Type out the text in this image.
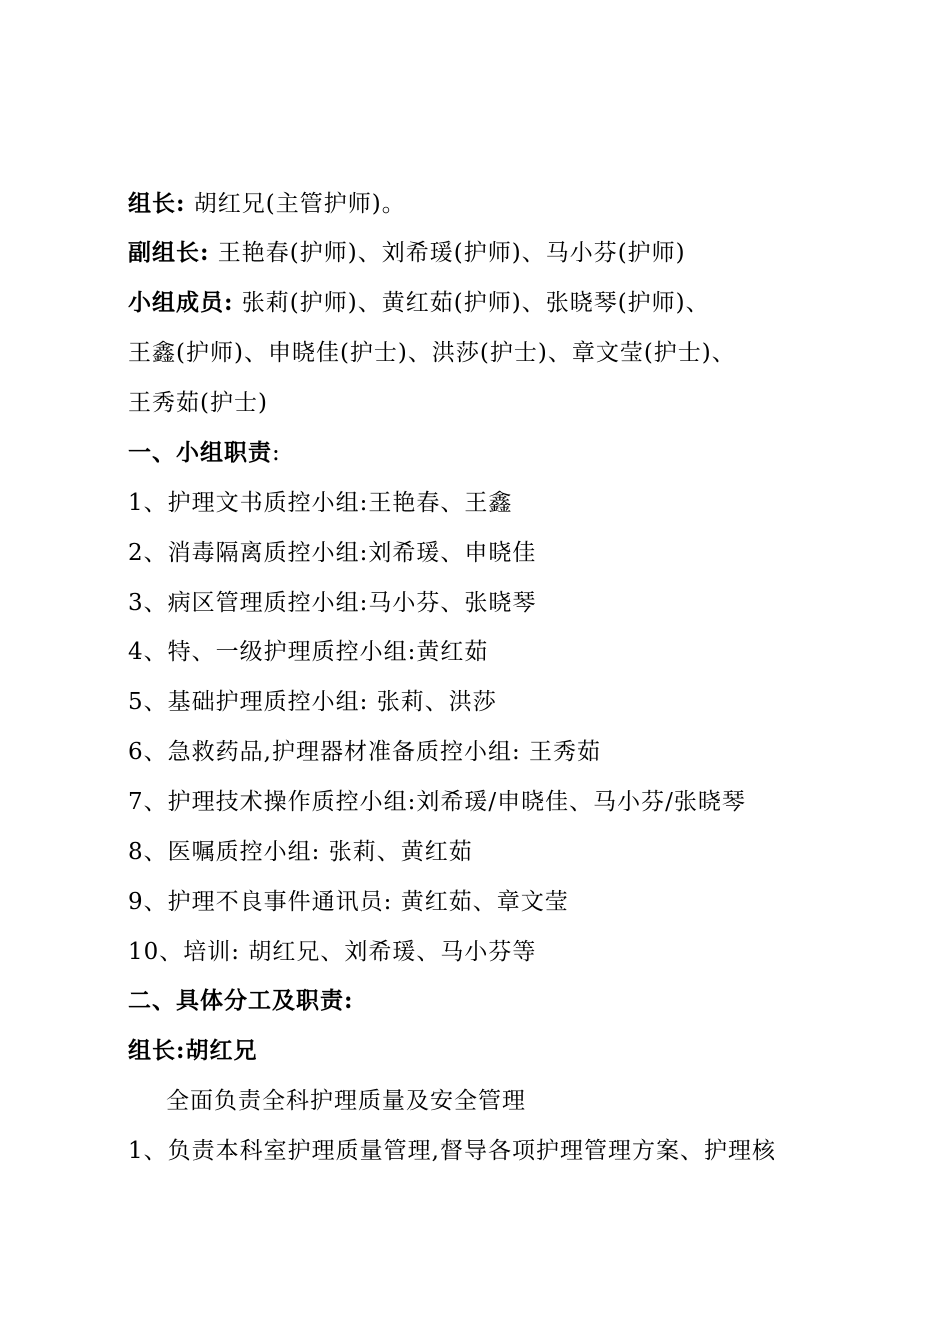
组长: 胡红兄(主管护师)。
副组长: 王艳春(护师)、刘希瑗(护师)、马小芬(护师)
小组成员: 张莉(护师)、黄红茹(护师)、张晓琴(护师)、
王鑫(护师)、申晓佳(护士)、洪莎(护士)、章文莹(护士)、
王秀茹(护士)
一、小组职责:
1、护理文书质控小组:王艳春、王鑫
2、消毒隔离质控小组:刘希瑗、申晓佳
3、病区管理质控小组:马小芬、张晓琴
4、特、一级护理质控小组:黄红茹
5、基础护理质控小组: 张莉、洪莎
6、急救药品,护理器材准备质控小组: 王秀茹
7、护理技术操作质控小组:刘希瑗/申晓佳、马小芬/张晓琴
8、医嘱质控小组: 张莉、黄红茹
9、护理不良事件通讯员: 黄红茹、章文莹
10、培训: 胡红兄、刘希瑗、马小芬等
二、具体分工及职责:
组长:胡红兄
全面负责全科护理质量及安全管理
1、负责本科室护理质量管理,督导各项护理管理方案、护理核
